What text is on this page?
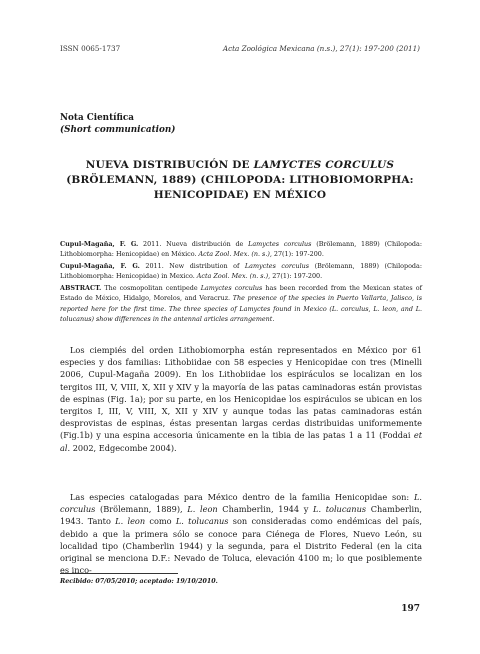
ISSN 0065-1737	Acta Zoológica Mexicana (n.s.), 27(1): 197-200 (2011)
Nota Científica
(Short communication)
NUEVA DISTRIBUCIÓN DE LAMYCTES CORCULUS
(BRÖLEMANN, 1889) (CHILOPODA: LITHOBIOMORPHA:
HENICOPIDAE) EN MÉXICO
Cupul-Magaña, F. G. 2011. Nueva distribución de Lamyctes corculus (Brölemann, 1889) (Chilopoda: Lithobiomorpha: Henicopidae) en México. Acta Zool. Mex. (n. s.), 27(1): 197-200.
Cupul-Magaña, F. G. 2011. New distribution of Lamyctes corculus (Brölemann, 1889) (Chilopoda: Lithobiomorpha: Henicopidae) in Mexico. Acta Zool. Mex. (n. s.), 27(1): 197-200.
ABSTRACT. The cosmopolitan centipede Lamyctes corculus has been recorded from the Mexican states of Estado de México, Hidalgo, Morelos, and Veracruz. The presence of the species in Puerto Vallarta, Jalisco, is reported here for the first time. The three species of Lamyctes found in Mexico (L. corculus, L. leon, and L. tolucanus) show differences in the antennal articles arrangement.
Los ciempiés del orden Lithobiomorpha están representados en México por 61 especies y dos familias: Lithobiidae con 58 especies y Henicopidae con tres (Minelli 2006, Cupul-Magaña 2009). En los Lithobiidae los espiráculos se localizan en los tergitos III, V, VIII, X, XII y XIV y la mayoría de las patas caminadoras están provistas de espinas (Fig. 1a); por su parte, en los Henicopidae los espiráculos se ubican en los tergitos I, III, V, VIII, X, XII y XIV y aunque todas las patas caminadoras están desprovistas de espinas, éstas presentan largas cerdas distribuidas uniformemente (Fig.1b) y una espina accesoria únicamente en la tibia de las patas 1 a 11 (Foddai et al. 2002, Edgecombe 2004).
Las especies catalogadas para México dentro de la familia Henicopidae son: L. corculus (Brölemann, 1889), L. leon Chamberlin, 1944 y L. tolucanus Chamberlin, 1943. Tanto L. leon como L. tolucanus son consideradas como endémicas del país, debido a que la primera sólo se conoce para Ciénega de Flores, Nuevo León, su localidad tipo (Chamberlin 1944) y la segunda, para el Distrito Federal (en la cita original se menciona D.F.: Nevado de Toluca, elevación 4100 m; lo que posiblemente es inco-
Recibido: 07/05/2010; aceptado: 19/10/2010.
197
